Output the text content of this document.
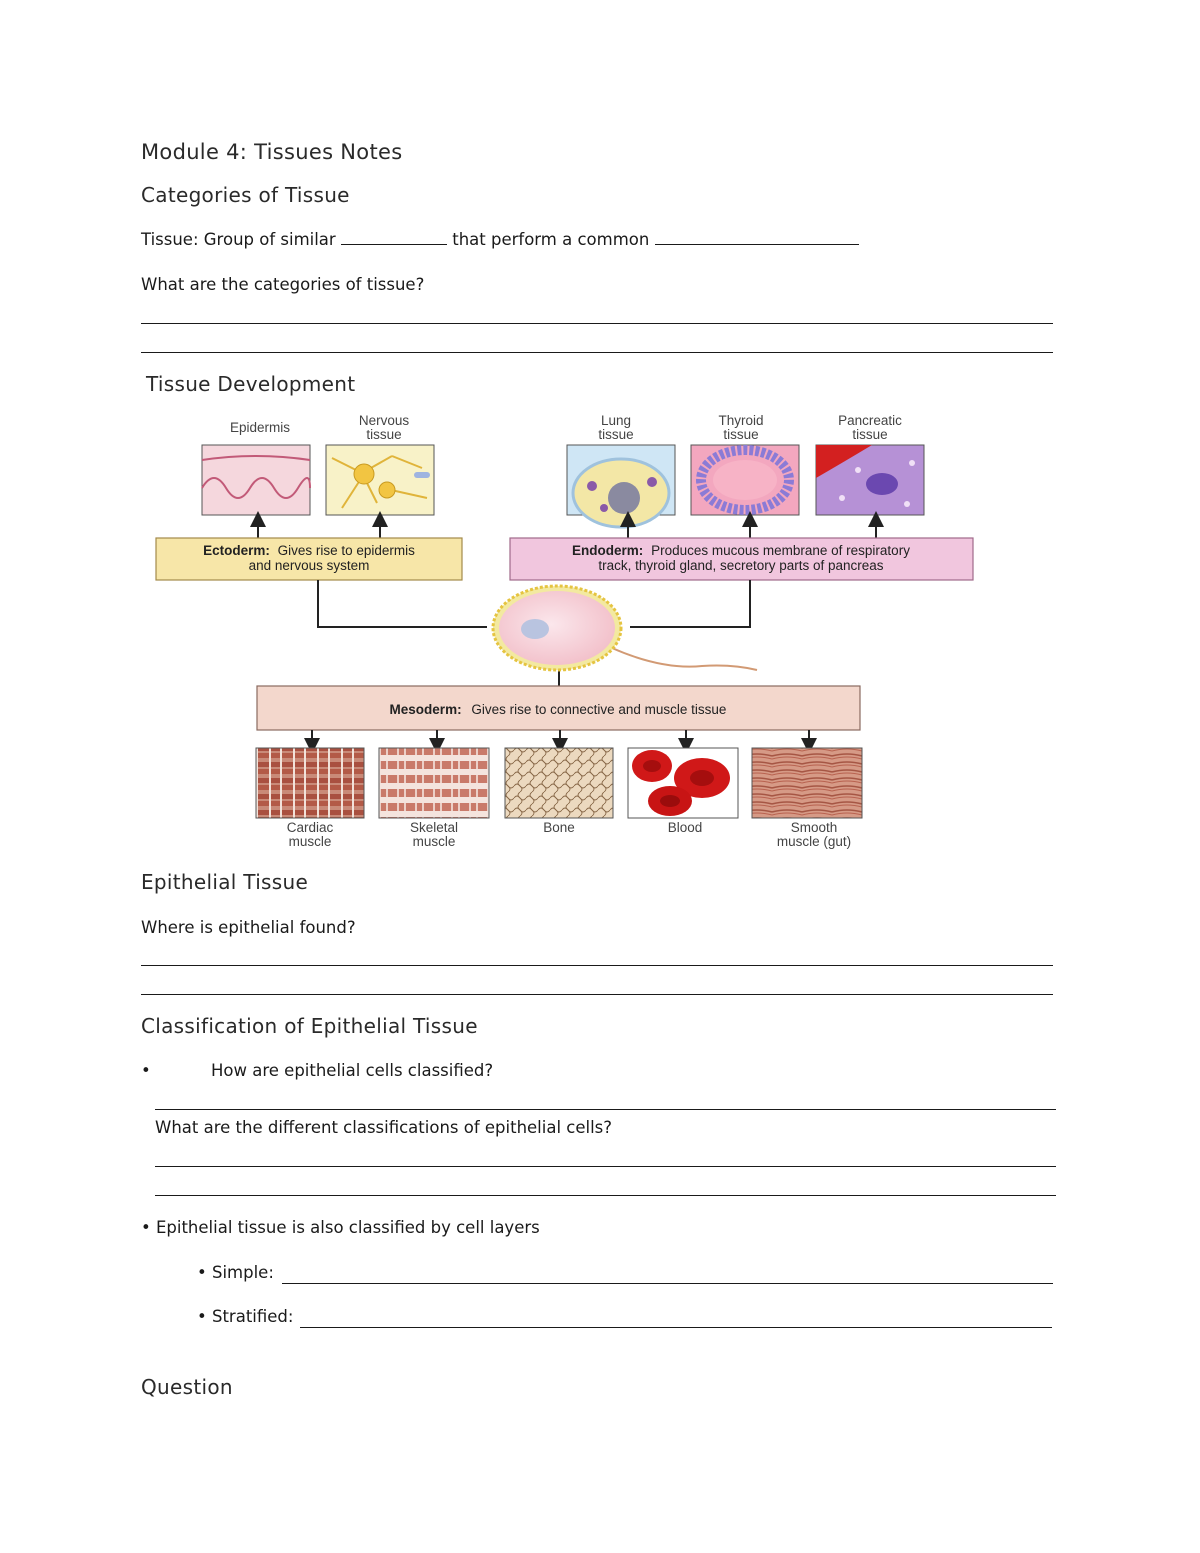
Module 4: Tissues Notes
Categories of Tissue
Tissue: Group of similar	that perform a common
What are the categories of tissue?
Tissue Development
Epidermis	Nervous
tissue
Lung
tissue
Thyroid
tissue
Pancreatic
tissue
Ectoderm: Gives rise to epidermis
and nervous system
Endoderm: Produces mucous membrane of respiratory
track, thyroid gland, secretory parts of pancreas
Mesoderm: Gives rise to connective and muscle tissue
Cardiac
muscle
Skeletal
muscle
Bone	Blood	Smooth
muscle (gut)
Epithelial Tissue
Where is epithelial found?
Classification of Epithelial Tissue
•	How are epithelial cells classified?
What are the different classifications of epithelial cells?
• Epithelial tissue is also classified by cell layers
• Simple:
• Stratified:
Question
